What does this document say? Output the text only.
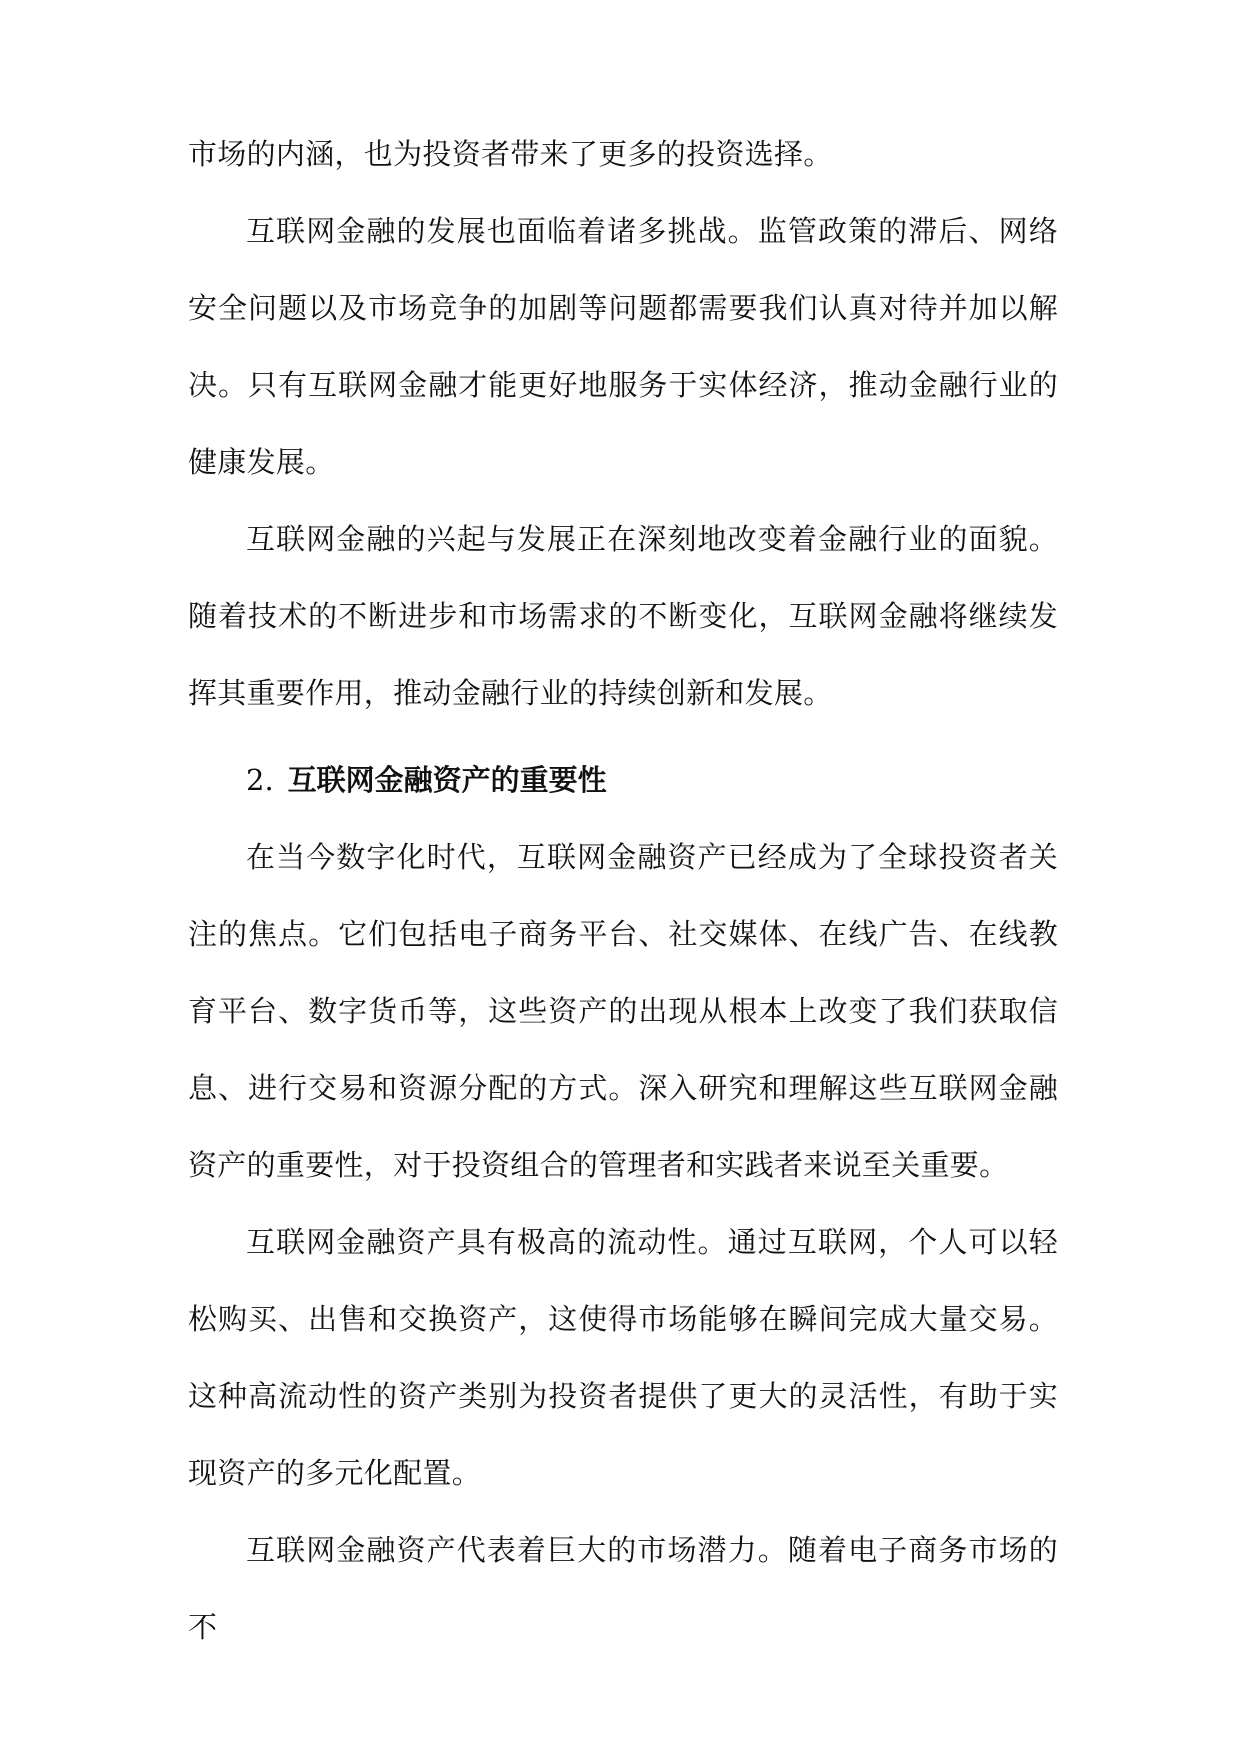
市场的内涵，也为投资者带来了更多的投资选择。

互联网金融的发展也面临着诸多挑战。监管政策的滞后、网络安全问题以及市场竞争的加剧等问题都需要我们认真对待并加以解决。只有互联网金融才能更好地服务于实体经济，推动金融行业的健康发展。

互联网金融的兴起与发展正在深刻地改变着金融行业的面貌。随着技术的不断进步和市场需求的不断变化，互联网金融将继续发挥其重要作用，推动金融行业的持续创新和发展。

2. 互联网金融资产的重要性

在当今数字化时代，互联网金融资产已经成为了全球投资者关注的焦点。它们包括电子商务平台、社交媒体、在线广告、在线教育平台、数字货币等，这些资产的出现从根本上改变了我们获取信息、进行交易和资源分配的方式。深入研究和理解这些互联网金融资产的重要性，对于投资组合的管理者和实践者来说至关重要。

互联网金融资产具有极高的流动性。通过互联网，个人可以轻松购买、出售和交换资产，这使得市场能够在瞬间完成大量交易。这种高流动性的资产类别为投资者提供了更大的灵活性，有助于实现资产的多元化配置。

互联网金融资产代表着巨大的市场潜力。随着电子商务市场的不
